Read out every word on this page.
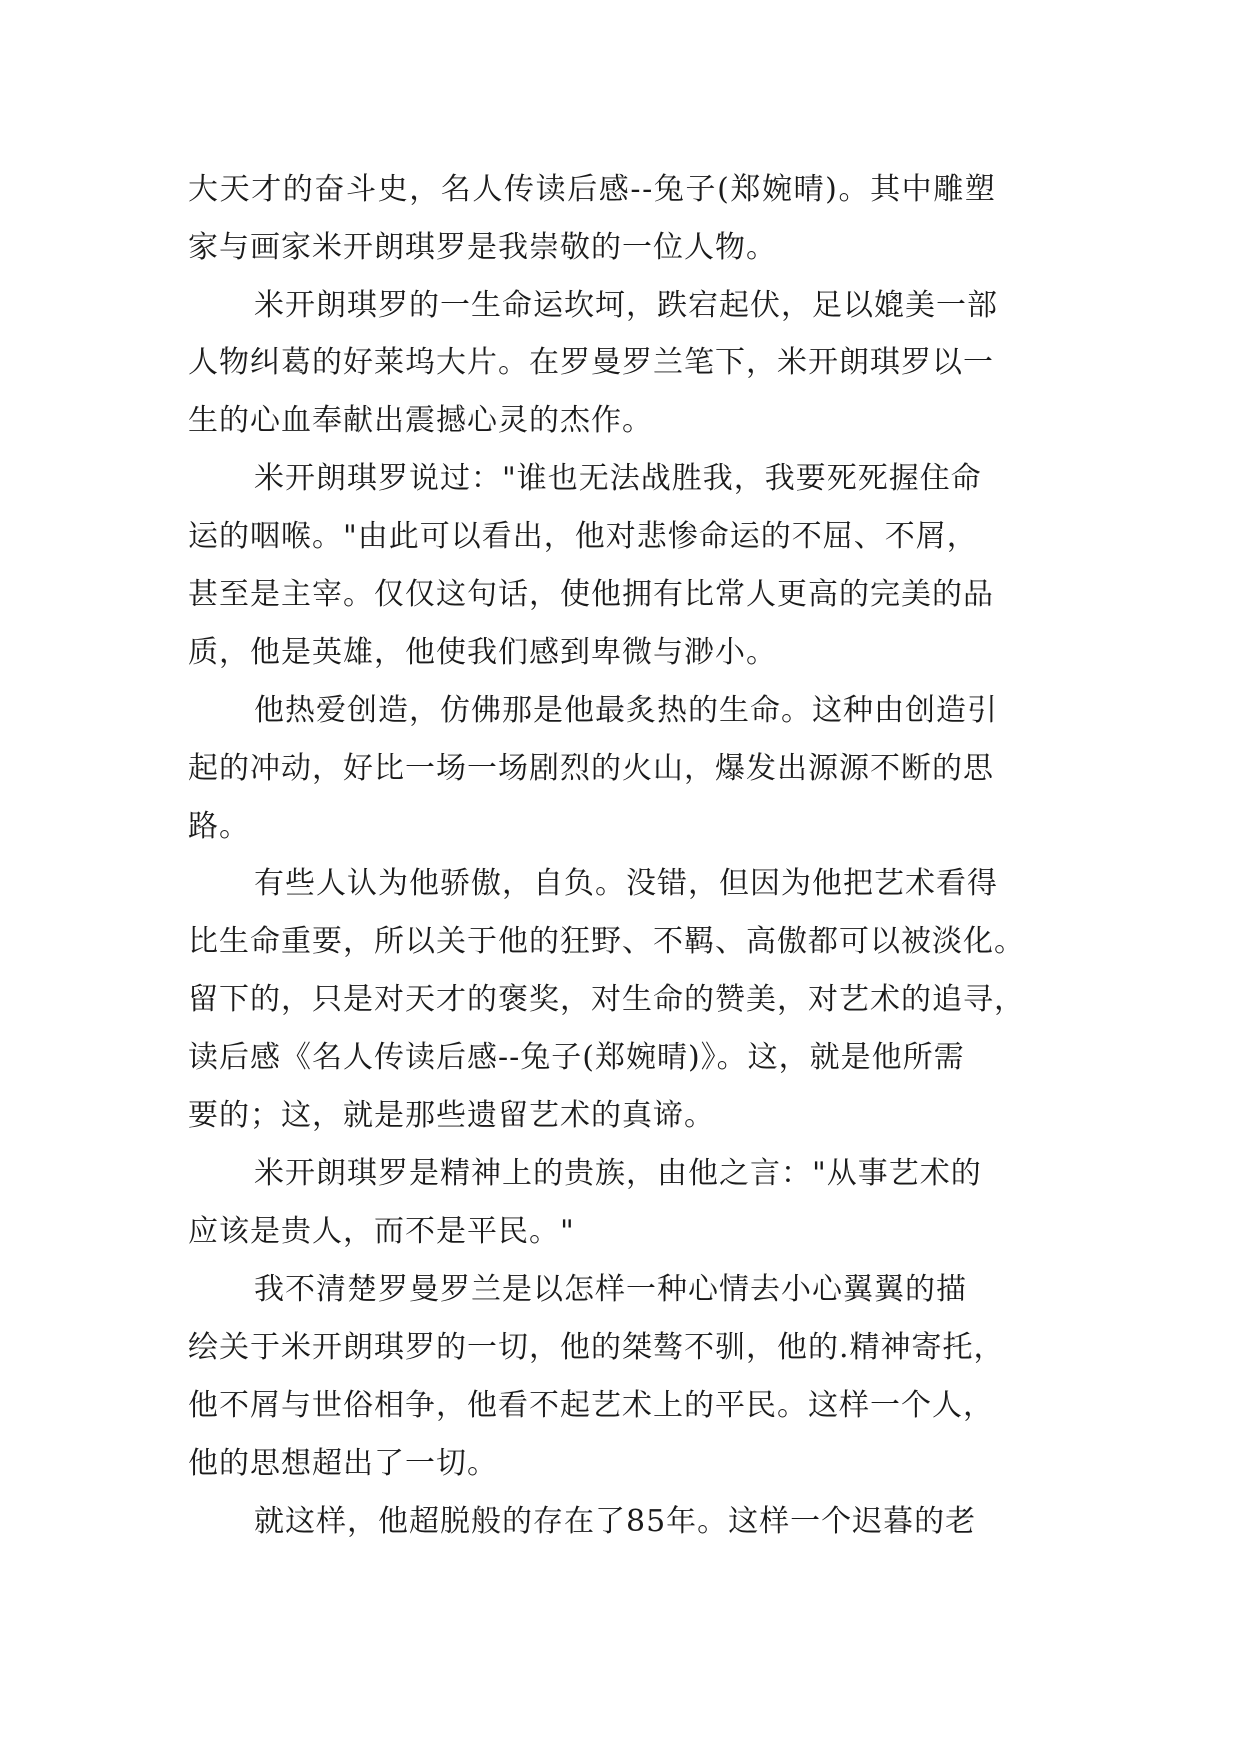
大天才的奋斗史，名人传读后感--兔子(郑婉晴)。其中雕塑
家与画家米开朗琪罗是我崇敬的一位人物。
米开朗琪罗的一生命运坎坷，跌宕起伏，足以媲美一部
人物纠葛的好莱坞大片。在罗曼罗兰笔下，米开朗琪罗以一
生的心血奉献出震撼心灵的杰作。
米开朗琪罗说过："谁也无法战胜我，我要死死握住命
运的咽喉。"由此可以看出，他对悲惨命运的不屈、不屑，
甚至是主宰。仅仅这句话，使他拥有比常人更高的完美的品
质，他是英雄，他使我们感到卑微与渺小。
他热爱创造，仿佛那是他最炙热的生命。这种由创造引
起的冲动，好比一场一场剧烈的火山，爆发出源源不断的思
路。
有些人认为他骄傲，自负。没错，但因为他把艺术看得
比生命重要，所以关于他的狂野、不羁、高傲都可以被淡化。
留下的，只是对天才的褒奖，对生命的赞美，对艺术的追寻，
读后感《名人传读后感--兔子(郑婉晴)》。这，就是他所需
要的；这，就是那些遗留艺术的真谛。
米开朗琪罗是精神上的贵族，由他之言："从事艺术的
应该是贵人，而不是平民。"
我不清楚罗曼罗兰是以怎样一种心情去小心翼翼的描
绘关于米开朗琪罗的一切，他的桀骜不驯，他的.精神寄托，
他不屑与世俗相争，他看不起艺术上的平民。这样一个人，
他的思想超出了一切。
就这样，他超脱般的存在了85年。这样一个迟暮的老
